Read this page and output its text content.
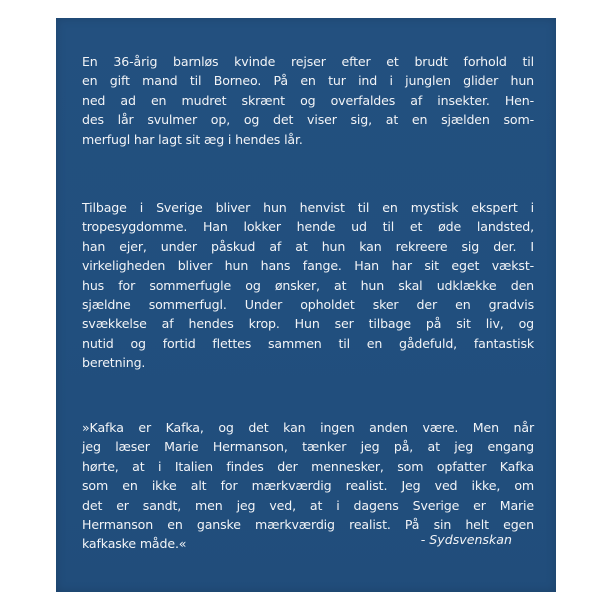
En 36-årig barnløs kvinde rejser efter et brudt forhold til
en gift mand til Borneo. På en tur ind i junglen glider hun
ned ad en mudret skrænt og overfaldes af insekter. Hen-
des lår svulmer op, og det viser sig, at en sjælden som-
merfugl har lagt sit æg i hendes lår.
Tilbage i Sverige bliver hun henvist til en mystisk ekspert i
tropesygdomme. Han lokker hende ud til et øde landsted,
han ejer, under påskud af at hun kan rekreere sig der. I
virkeligheden bliver hun hans fange. Han har sit eget vækst-
hus for sommerfugle og ønsker, at hun skal udklække den
sjældne sommerfugl. Under opholdet sker der en gradvis
svækkelse af hendes krop. Hun ser tilbage på sit liv, og
nutid og fortid flettes sammen til en gådefuld, fantastisk
beretning.
»Kafka er Kafka, og det kan ingen anden være. Men når
jeg læser Marie Hermanson, tænker jeg på, at jeg engang
hørte, at i Italien findes der mennesker, som opfatter Kafka
som en ikke alt for mærkværdig realist. Jeg ved ikke, om
det er sandt, men jeg ved, at i dagens Sverige er Marie
Hermanson en ganske mærkværdig realist. På sin helt egen
kafkaske måde.«	- Sydsvenskan
